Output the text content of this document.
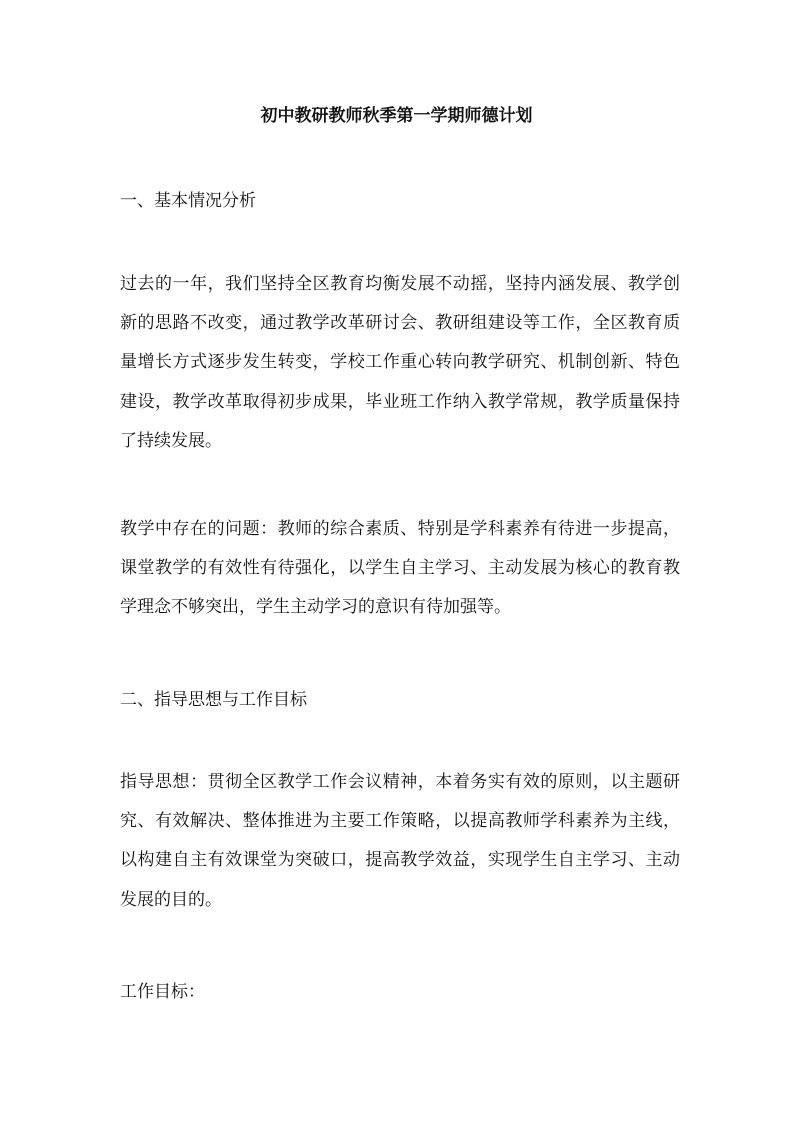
初中教研教师秋季第一学期师德计划
一、基本情况分析
过去的一年，我们坚持全区教育均衡发展不动摇，坚持内涵发展、教学创新的思路不改变，通过教学改革研讨会、教研组建设等工作，全区教育质量增长方式逐步发生转变，学校工作重心转向教学研究、机制创新、特色建设，教学改革取得初步成果，毕业班工作纳入教学常规，教学质量保持了持续发展。
教学中存在的问题：教师的综合素质、特别是学科素养有待进一步提高，课堂教学的有效性有待强化，以学生自主学习、主动发展为核心的教育教学理念不够突出，学生主动学习的意识有待加强等。
二、指导思想与工作目标
指导思想：贯彻全区教学工作会议精神，本着务实有效的原则，以主题研究、有效解决、整体推进为主要工作策略，以提高教师学科素养为主线，以构建自主有效课堂为突破口，提高教学效益，实现学生自主学习、主动发展的目的。
工作目标：
